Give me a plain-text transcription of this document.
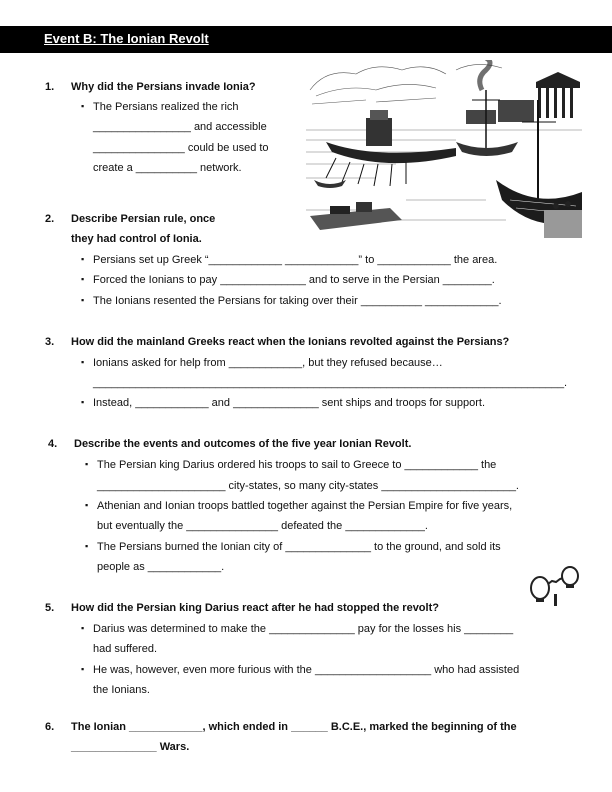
Event B: The Ionian Revolt
1. Why did the Persians invade Ionia?
▪ The Persians realized the rich
________________ and accessible
_______________ could be used to
create a __________ network.
2. Describe Persian rule, once
they had control of Ionia.
▪ Persians set up Greek “____________ ____________” to ____________ the area.
▪ Forced the Ionians to pay ______________ and to serve in the Persian ________.
▪ The Ionians resented the Persians for taking over their __________ ____________.
3. How did the mainland Greeks react when the Ionians revolted against the Persians?
▪ Ionians asked for help from ____________, but they refused because…
_____________________________________________________________________________.
▪ Instead, ____________ and ______________ sent ships and troops for support.
4. Describe the events and outcomes of the five year Ionian Revolt.
▪ The Persian king Darius ordered his troops to sail to Greece to ____________ the
_____________________ city-states, so many city-states ______________________.
▪ Athenian and Ionian troops battled together against the Persian Empire for five years,
but eventually the _______________ defeated the _____________.
▪ The Persians burned the Ionian city of ______________ to the ground, and sold its
people as ____________.
5. How did the Persian king Darius react after he had stopped the revolt?
▪ Darius was determined to make the ______________ pay for the losses his ________
had suffered.
▪ He was, however, even more furious with the ___________________ who had assisted
the Ionians.
6. The Ionian ____________, which ended in ______ B.C.E., marked the beginning of the
______________ Wars.
